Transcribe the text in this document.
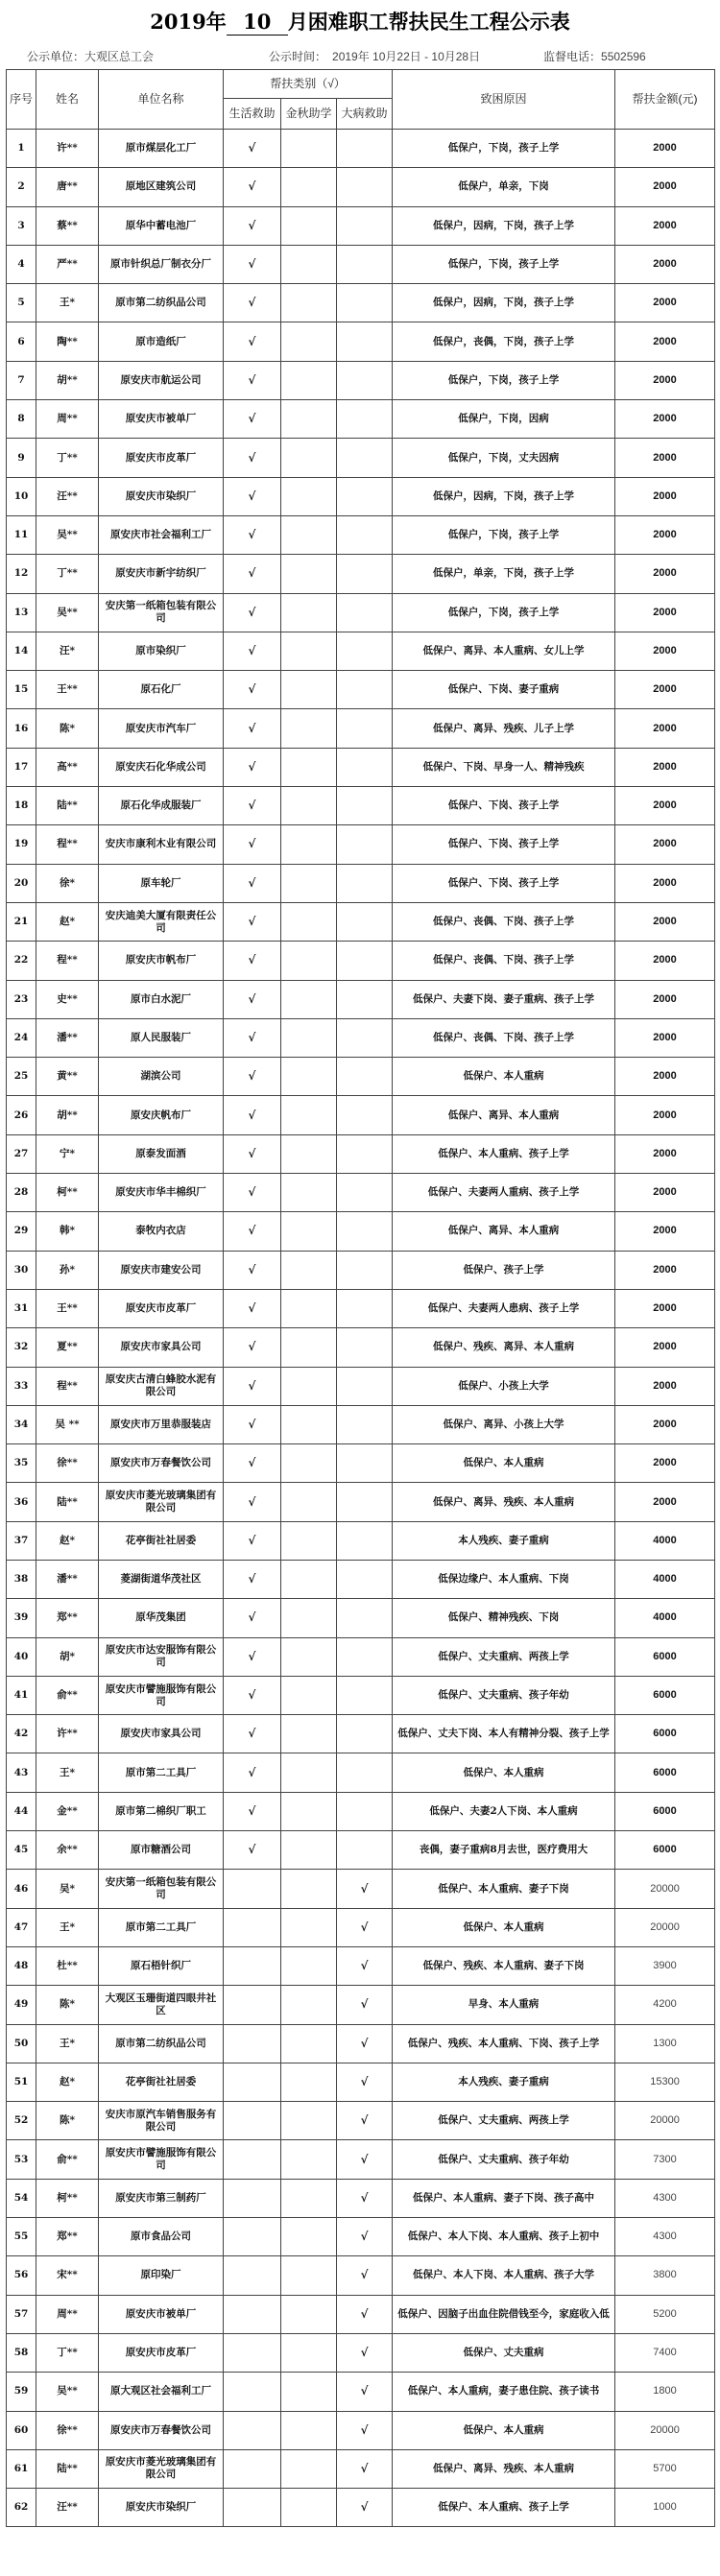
2019年 10 月困难职工帮扶民生工程公示表
公示单位：大观区总工会	公示时间： 2019年 10月22日 - 10月28日	监督电话：5502596
序号	姓名	单位名称	帮扶类别（√）			致困原因	帮扶金额(元)
			生活救助	金秋助学	大病救助		
1	许**	原市煤层化工厂	√			低保户，下岗，孩子上学	2000
2	唐**	原地区建筑公司	√			低保户，单亲，下岗	2000
3	蔡**	原华中蓄电池厂	√			低保户，因病，下岗，孩子上学	2000
4	严**	原市针织总厂制衣分厂	√			低保户，下岗，孩子上学	2000
5	王*	原市第二纺织品公司	√			低保户，因病，下岗，孩子上学	2000
6	陶**	原市造纸厂	√			低保户，丧偶，下岗，孩子上学	2000
7	胡**	原安庆市航运公司	√			低保户，下岗，孩子上学	2000
8	周**	原安庆市被单厂	√			低保户，下岗，因病	2000
9	丁**	原安庆市皮革厂	√			低保户，下岗，丈夫因病	2000
10	汪**	原安庆市染织厂	√			低保户，因病，下岗，孩子上学	2000
11	吴**	原安庆市社会福利工厂	√			低保户，下岗，孩子上学	2000
12	丁**	原安庆市新宇纺织厂	√			低保户，单亲，下岗，孩子上学	2000
13	吴**	安庆第一纸箱包装有限公司	√			低保户，下岗，孩子上学	2000
14	汪*	原市染织厂	√			低保户、离异、本人重病、女儿上学	2000
15	王**	原石化厂	√			低保户、下岗、妻子重病	2000
16	陈*	原安庆市汽车厂	√			低保户、离异、残疾、儿子上学	2000
17	高**	原安庆石化华成公司	√			低保户、下岗、早身一人、精神残疾	2000
18	陆**	原石化华成服装厂	√			低保户、下岗、孩子上学	2000
19	程**	安庆市康利木业有限公司	√			低保户、下岗、孩子上学	2000
20	徐*	原车轮厂	√			低保户、下岗、孩子上学	2000
21	赵*	安庆迪美大厦有限责任公司	√			低保户、丧偶、下岗、孩子上学	2000
22	程**	原安庆市帆布厂	√			低保户、丧偶、下岗、孩子上学	2000
23	史**	原市白水泥厂	√			低保户、夫妻下岗、妻子重病、孩子上学	2000
24	潘**	原人民服装厂	√			低保户、丧偶、下岗、孩子上学	2000
25	黄**	湖滨公司	√			低保户、本人重病	2000
26	胡**	原安庆帆布厂	√			低保户、离异、本人重病	2000
27	宁*	原泰发面酒	√			低保户、本人重病、孩子上学	2000
28	柯**	原安庆市华丰棉织厂	√			低保户、夫妻两人重病、孩子上学	2000
29	韩*	泰牧内衣店	√			低保户、离异、本人重病	2000
30	孙*	原安庆市建安公司	√			低保户、孩子上学	2000
31	王**	原安庆市皮革厂	√			低保户、夫妻两人患病、孩子上学	2000
32	夏**	原安庆市家具公司	√			低保户、残疾、离异、本人重病	2000
33	程**	原安庆古清白蜂胶水泥有限公司	√			低保户、小孩上大学	2000
34	吴 **	原安庆市万里恭服装店	√			低保户、离异、小孩上大学	2000
35	徐**	原安庆市万春餐饮公司	√			低保户、本人重病	2000
36	陆**	原安庆市菱光玻璃集团有限公司	√			低保户、离异、残疾、本人重病	2000
37	赵*	花亭街社社居委	√			本人残疾、妻子重病	4000
38	潘**	菱湖街道华茂社区	√			低保边缘户、本人重病、下岗	4000
39	郑**	原华茂集团	√			低保户、精神残疾、下岗	4000
40	胡*	原安庆市达安服饰有限公司	√			低保户、丈夫重病、两孩上学	6000
41	俞**	原安庆市譬施服饰有限公司	√			低保户、丈夫重病、孩子年幼	6000
42	许**	原安庆市家具公司	√			低保户、丈夫下岗、本人有精神分裂、孩子上学	6000
43	王*	原市第二工具厂	√			低保户、本人重病	6000
44	金**	原市第二棉织厂职工	√			低保户、夫妻2人下岗、本人重病	6000
45	余**	原市糖酒公司	√			丧偶，妻子重病8月去世，医疗费用大	6000
46	吴*	安庆第一纸箱包装有限公司			√	低保户、本人重病、妻子下岗	20000
47	王*	原市第二工具厂			√	低保户、本人重病	20000
48	杜**	原石梧针织厂			√	低保户、残疾、本人重病、妻子下岗	3900
49	陈*	大观区玉珊街道四眼井社区			√	早身、本人重病	4200
50	王*	原市第二纺织品公司			√	低保户、残疾、本人重病、下岗、孩子上学	1300
51	赵*	花亭街社社居委			√	本人残疾、妻子重病	15300
52	陈*	安庆市原汽车销售服务有限公司			√	低保户、丈夫重病、两孩上学	20000
53	俞**	原安庆市譬施服饰有限公司			√	低保户、丈夫重病、孩子年幼	7300
54	柯**	原安庆市第三制药厂			√	低保户、本人重病、妻子下岗、孩子高中	4300
55	郑**	原市食品公司			√	低保户、本人下岗、本人重病、孩子上初中	4300
56	宋**	原印染厂			√	低保户、本人下岗、本人重病、孩子大学	3800
57	周**	原安庆市被单厂			√	低保户、因脑子出血住院借钱至今，家庭收入低	5200
58	丁**	原安庆市皮革厂			√	低保户、丈夫重病	7400
59	吴**	原大观区社会福利工厂			√	低保户、本人重病，妻子患住院、孩子读书	1800
60	徐**	原安庆市万春餐饮公司			√	低保户、本人重病	20000
61	陆**	原安庆市菱光玻璃集团有限公司			√	低保户、离异、残疾、本人重病	5700
62	汪**	原安庆市染织厂			√	低保户、本人重病、孩子上学	1000
